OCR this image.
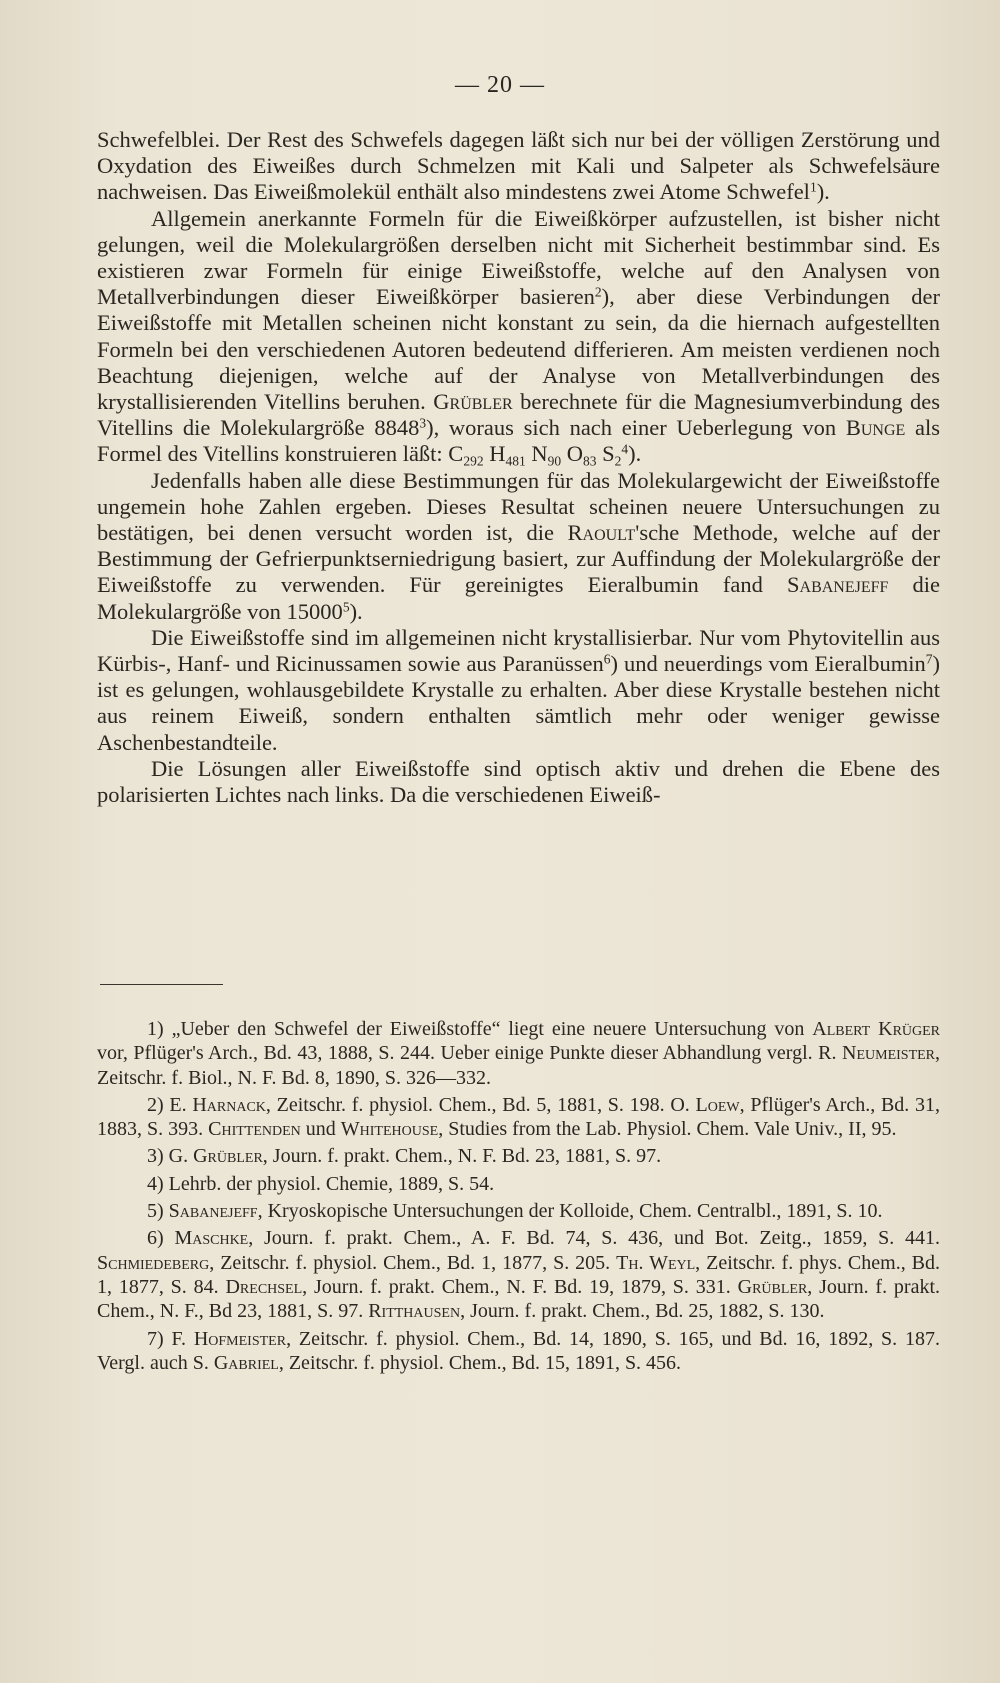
— 20 —

Schwefelblei. Der Rest des Schwefels dagegen läßt sich nur bei der völligen Zerstörung und Oxydation des Eiweißes durch Schmelzen mit Kali und Salpeter als Schwefelsäure nachweisen. Das Eiweißmolekül enthält also mindestens zwei Atome Schwefel$^1$).

Allgemein anerkannte Formeln für die Eiweißkörper aufzustellen, ist bisher nicht gelungen, weil die Molekulargrößen derselben nicht mit Sicherheit bestimmbar sind. Es existieren zwar Formeln für einige Eiweißstoffe, welche auf den Analysen von Metallverbindungen dieser Eiweißkörper basieren$^2$), aber diese Verbindungen der Eiweißstoffe mit Metallen scheinen nicht konstant zu sein, da die hiernach aufgestellten Formeln bei den verschiedenen Autoren bedeutend differieren. Am meisten verdienen noch Beachtung diejenigen, welche auf der Analyse von Metallverbindungen des krystallisierenden Vitellins beruhen. Grübler berechnete für die Magnesiumverbindung des Vitellins die Molekulargröße 8848$^3$), woraus sich nach einer Ueberlegung von Bunge als Formel des Vitellins konstruieren läßt: $C_{292}$ $H_{481}$ $N_{90}$ $O_{83}$ $S_2^4$).

Jedenfalls haben alle diese Bestimmungen für das Molekulargewicht der Eiweißstoffe ungemein hohe Zahlen ergeben. Dieses Resultat scheinen neuere Untersuchungen zu bestätigen, bei denen versucht worden ist, die Raoult'sche Methode, welche auf der Bestimmung der Gefrierpunktserniedrigung basiert, zur Auffindung der Molekulargröße der Eiweißstoffe zu verwenden. Für gereinigtes Eieralbumin fand Sabanejeff die Molekulargröße von 15000$^5$).

Die Eiweißstoffe sind im allgemeinen nicht krystallisierbar. Nur vom Phytovitellin aus Kürbis-, Hanf- und Ricinussamen sowie aus Paranüssen$^6$) und neuerdings vom Eieralbumin$^7$) ist es gelungen, wohlausgebildete Krystalle zu erhalten. Aber diese Krystalle bestehen nicht aus reinem Eiweiß, sondern enthalten sämtlich mehr oder weniger gewisse Aschenbestandteile.

Die Lösungen aller Eiweißstoffe sind optisch aktiv und drehen die Ebene des polarisierten Lichtes nach links. Da die verschiedenen Eiweiß-

1) „Ueber den Schwefel der Eiweißstoffe“ liegt eine neuere Untersuchung von Albert Krüger vor, Pflüger's Arch., Bd. 43, 1888, S. 244. Ueber einige Punkte dieser Abhandlung vergl. R. Neumeister, Zeitschr. f. Biol., N. F. Bd. 8, 1890, S. 326—332.

2) E. Harnack, Zeitschr. f. physiol. Chem., Bd. 5, 1881, S. 198. O. Loew, Pflüger's Arch., Bd. 31, 1883, S. 393. Chittenden und Whitehouse, Studies from the Lab. Physiol. Chem. Vale Univ., II, 95.

3) G. Grübler, Journ. f. prakt. Chem., N. F. Bd. 23, 1881, S. 97.

4) Lehrb. der physiol. Chemie, 1889, S. 54.

5) Sabanejeff, Kryoskopische Untersuchungen der Kolloide, Chem. Centralbl., 1891, S. 10.

6) Maschke, Journ. f. prakt. Chem., A. F. Bd. 74, S. 436, und Bot. Zeitg., 1859, S. 441. Schmiedeberg, Zeitschr. f. physiol. Chem., Bd. 1, 1877, S. 205. Th. Weyl, Zeitschr. f. phys. Chem., Bd. 1, 1877, S. 84. Drechsel, Journ. f. prakt. Chem., N. F. Bd. 19, 1879, S. 331. Grübler, Journ. f. prakt. Chem., N. F., Bd 23, 1881, S. 97. Ritthausen, Journ. f. prakt. Chem., Bd. 25, 1882, S. 130.

7) F. Hofmeister, Zeitschr. f. physiol. Chem., Bd. 14, 1890, S. 165, und Bd. 16, 1892, S. 187. Vergl. auch S. Gabriel, Zeitschr. f. physiol. Chem., Bd. 15, 1891, S. 456.
